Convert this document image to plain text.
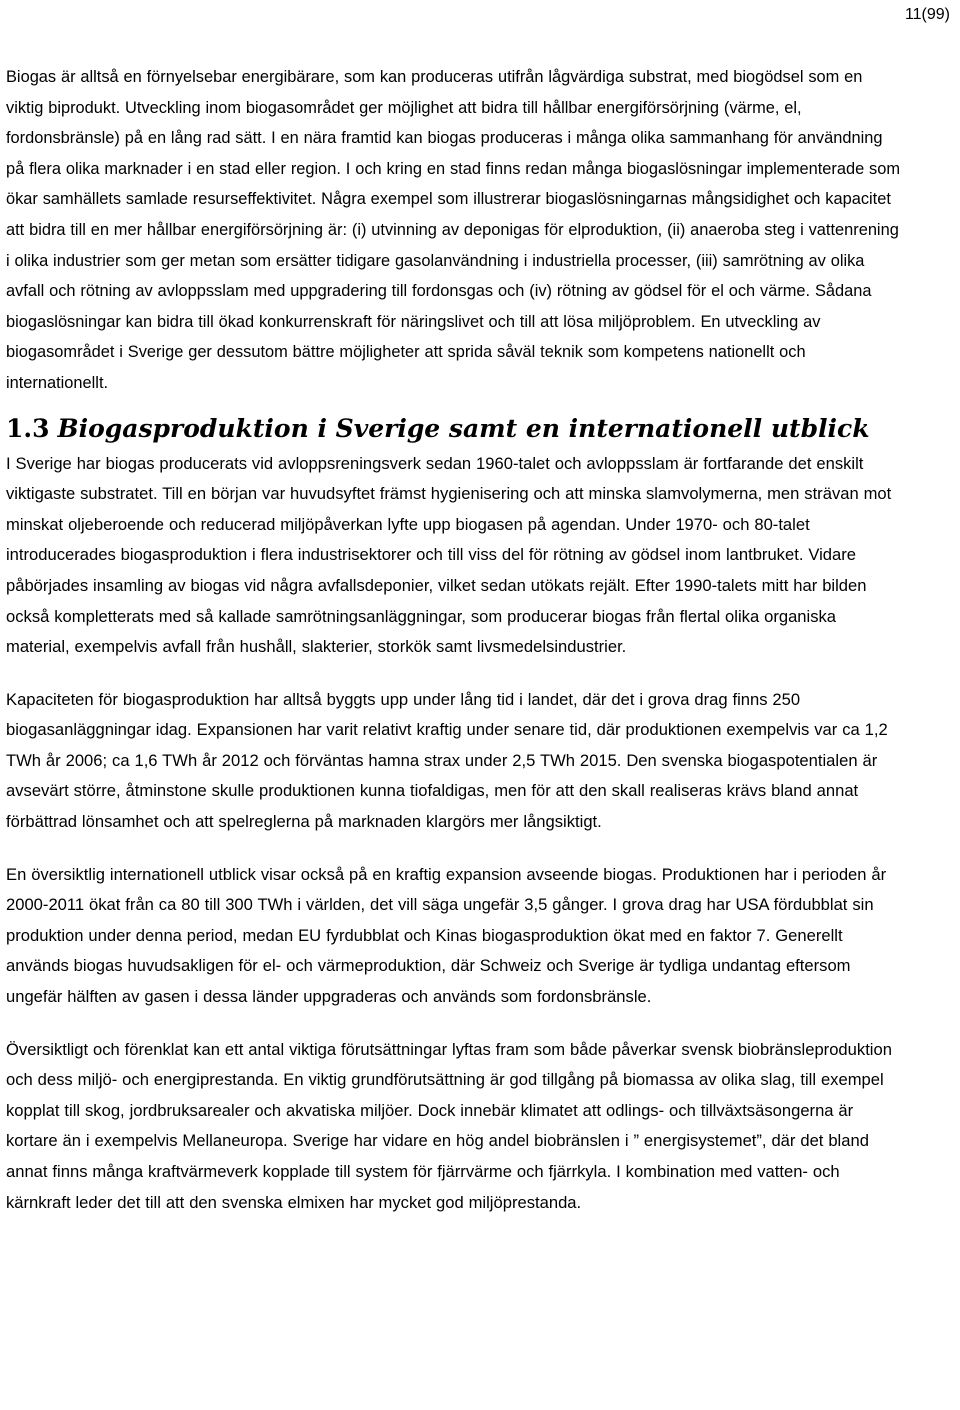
11(99)

Biogas är alltså en förnyelsebar energibärare, som kan produceras utifrån lågvärdiga substrat, med biogödsel som en viktig biprodukt. Utveckling inom biogasområdet ger möjlighet att bidra till hållbar energiförsörjning (värme, el, fordonsbränsle) på en lång rad sätt. I en nära framtid kan biogas produceras i många olika sammanhang för användning på flera olika marknader i en stad eller region. I och kring en stad finns redan många biogaslösningar implementerade som ökar samhällets samlade resurseffektivitet. Några exempel som illustrerar biogaslösningarnas mångsidighet och kapacitet att bidra till en mer hållbar energiförsörjning är: (i) utvinning av deponigas för elproduktion, (ii) anaeroba steg i vattenrening i olika industrier som ger metan som ersätter tidigare gasolanvändning i industriella processer, (iii) samrötning av olika avfall och rötning av avloppsslam med uppgradering till fordonsgas och (iv) rötning av gödsel för el och värme. Sådana biogaslösningar kan bidra till ökad konkurrenskraft för näringslivet och till att lösa miljöproblem. En utveckling av biogasområdet i Sverige ger dessutom bättre möjligheter att sprida såväl teknik som kompetens nationellt och internationellt.

1.3 Biogasproduktion i Sverige samt en internationell utblick

I Sverige har biogas producerats vid avloppsreningsverk sedan 1960-talet och avloppsslam är fortfarande det enskilt viktigaste substratet. Till en början var huvudsyftet främst hygienisering och att minska slamvolymerna, men strävan mot minskat oljeberoende och reducerad miljöpåverkan lyfte upp biogasen på agendan. Under 1970- och 80-talet introducerades biogasproduktion i flera industrisektorer och till viss del för rötning av gödsel inom lantbruket. Vidare påbörjades insamling av biogas vid några avfallsdeponier, vilket sedan utökats rejält. Efter 1990-talets mitt har bilden också kompletterats med så kallade samrötningsanläggningar, som producerar biogas från flertal olika organiska material, exempelvis avfall från hushåll, slakterier, storkök samt livsmedelsindustrier.

Kapaciteten för biogasproduktion har alltså byggts upp under lång tid i landet, där det i grova drag finns 250 biogasanläggningar idag. Expansionen har varit relativt kraftig under senare tid, där produktionen exempelvis var ca 1,2 TWh år 2006; ca 1,6 TWh år 2012 och förväntas hamna strax under 2,5 TWh 2015. Den svenska biogaspotentialen är avsevärt större, åtminstone skulle produktionen kunna tiofaldigas, men för att den skall realiseras krävs bland annat förbättrad lönsamhet och att spelreglerna på marknaden klargörs mer långsiktigt.

En översiktlig internationell utblick visar också på en kraftig expansion avseende biogas. Produktionen har i perioden år 2000-2011 ökat från ca 80 till 300 TWh i världen, det vill säga ungefär 3,5 gånger. I grova drag har USA fördubblat sin produktion under denna period, medan EU fyrdubblat och Kinas biogasproduktion ökat med en faktor 7. Generellt används biogas huvudsakligen för el- och värmeproduktion, där Schweiz och Sverige är tydliga undantag eftersom ungefär hälften av gasen i dessa länder uppgraderas och används som fordonsbränsle.

Översiktligt och förenklat kan ett antal viktiga förutsättningar lyftas fram som både påverkar svensk biobränsleproduktion och dess miljö- och energiprestanda. En viktig grundförutsättning är god tillgång på biomassa av olika slag, till exempel kopplat till skog, jordbruksarealer och akvatiska miljöer. Dock innebär klimatet att odlings- och tillväxtsäsongerna är kortare än i exempelvis Mellaneuropa. Sverige har vidare en hög andel biobränslen i ” energisystemet”, där det bland annat finns många kraftvärmeverk kopplade till system för fjärrvärme och fjärrkyla. I kombination med vatten- och kärnkraft leder det till att den svenska elmixen har mycket god miljöprestanda.
